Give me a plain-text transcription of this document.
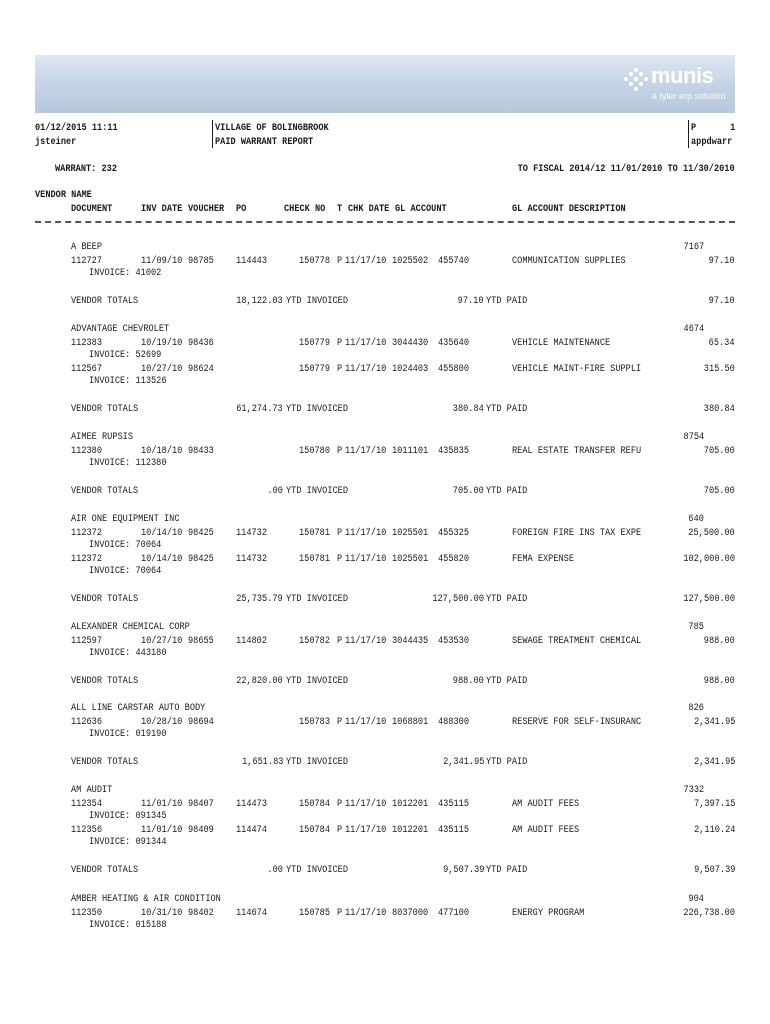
munis
a tyler erp solution
01/12/2015 11:11
jsteiner
VILLAGE OF BOLINGBROOK
PAID WARRANT REPORT
P	1
appdwarr
WARRANT: 232	TO FISCAL 2014/12 11/01/2010 TO 11/30/2010
VENDOR NAME
DOCUMENT	INV DATE VOUCHER PO	CHECK NO T CHK DATE GL ACCOUNT	GL ACCOUNT DESCRIPTION
7167
A BEEP
112727	11/09/10 98785 114443	150778 P 11/17/10 1025502 455740	COMMUNICATION SUPPLIES	97.10
INVOICE: 41002
VENDOR TOTALS	18,122.03 YTD INVOICED	97.10 YTD PAID	97.10
4674
ADVANTAGE CHEVROLET
112383	10/19/10 98436	150779 P 11/17/10 3044430 435640	VEHICLE MAINTENANCE	65.34
INVOICE: 52699
112567	10/27/10 98624	150779 P 11/17/10 1024403 455800	VEHICLE MAINT-FIRE SUPPLI	315.50
INVOICE: 113526
VENDOR TOTALS	61,274.73 YTD INVOICED	380.84 YTD PAID	380.84
8754
AIMEE RUPSIS
112380	10/18/10 98433	150780 P 11/17/10 1011101 435835	REAL ESTATE TRANSFER REFU	705.00
INVOICE: 112380
VENDOR TOTALS	.00 YTD INVOICED	705.00 YTD PAID	705.00
640
AIR ONE EQUIPMENT INC
112372	10/14/10 98425 114732	150781 P 11/17/10 1025501 455325	FOREIGN FIRE INS TAX EXPE	25,500.00
INVOICE: 70064
112372	10/14/10 98425 114732	150781 P 11/17/10 1025501 455820	FEMA EXPENSE	102,000.00
INVOICE: 70064
VENDOR TOTALS	25,735.79 YTD INVOICED	127,500.00 YTD PAID	127,500.00
785
ALEXANDER CHEMICAL CORP
112597	10/27/10 98655 114802	150782 P 11/17/10 3044435 453530	SEWAGE TREATMENT CHEMICAL	988.00
INVOICE: 443180
VENDOR TOTALS	22,820.00 YTD INVOICED	988.00 YTD PAID	988.00
826
ALL LINE CARSTAR AUTO BODY
112636	10/28/10 98694	150783 P 11/17/10 1068801 488300	RESERVE FOR SELF-INSURANC	2,341.95
INVOICE: 019190
VENDOR TOTALS	1,651.83 YTD INVOICED	2,341.95 YTD PAID	2,341.95
7332
AM AUDIT
112354	11/01/10 98407 114473	150784 P 11/17/10 1012201 435115	AM AUDIT FEES	7,397.15
INVOICE: 091345
112356	11/01/10 98409 114474	150784 P 11/17/10 1012201 435115	AM AUDIT FEES	2,110.24
INVOICE: 091344
VENDOR TOTALS	.00 YTD INVOICED	9,507.39 YTD PAID	9,507.39
904
AMBER HEATING & AIR CONDITION
112350	10/31/10 98402 114674	150785 P 11/17/10 8037000 477100	ENERGY PROGRAM	226,738.00
INVOICE: 015188
